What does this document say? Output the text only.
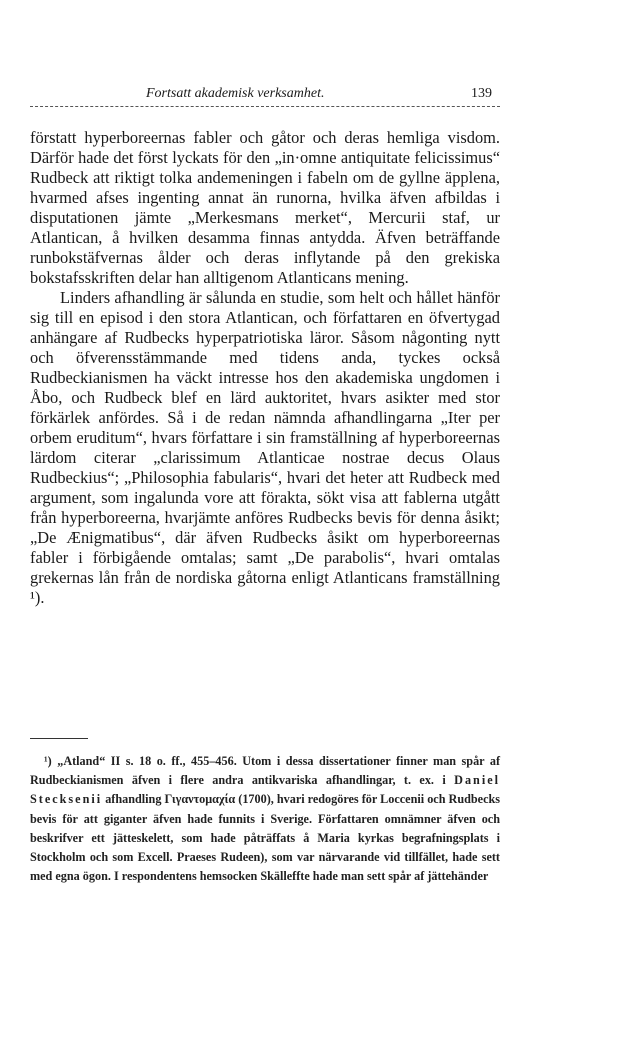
Fortsatt akademisk verksamhet.	139

förstatt hyperboreernas fabler och gåtor och deras hemliga visdom. Därför hade det först lyckats för den „in·omne antiquitate felicissimus“ Rudbeck att riktigt tolka andemeningen i fabeln om de gyllne äpplena, hvarmed afses ingenting annat än runorna, hvilka äfven afbildas i disputationen jämte „Merkesmans merket“, Mercurii staf, ur Atlantican, å hvilken desamma finnas antydda. Äfven beträffande runbokstäfvernas ålder och deras inflytande på den grekiska bokstafsskriften delar han alltigenom Atlanticans mening.

Linders afhandling är sålunda en studie, som helt och hållet hänför sig till en episod i den stora Atlantican, och författaren en öfvertygad anhängare af Rudbecks hyperpatriotiska läror. Såsom någonting nytt och öfverensstämmande med tidens anda, tyckes också Rudbeckianismen ha väckt intresse hos den akademiska ungdomen i Åbo, och Rudbeck blef en lärd auktoritet, hvars asikter med stor förkärlek anfördes. Så i de redan nämnda afhandlingarna „Iter per orbem eruditum“, hvars författare i sin framställning af hyperboreernas lärdom citerar „clarissimum Atlanticae nostrae decus Olaus Rudbeckius“; „Philosophia fabularis“, hvari det heter att Rudbeck med argument, som ingalunda vore att förakta, sökt visa att fablerna utgått från hyperboreerna, hvarjämte anföres Rudbecks bevis för denna åsikt; „De Ænigmatibus“, där äfven Rudbecks åsikt om hyperboreernas fabler i förbigående omtalas; samt „De parabolis“, hvari omtalas grekernas lån från de nordiska gåtorna enligt Atlanticans framställning ¹).

¹) „Atland“ II s. 18 o. ff., 455–456. Utom i dessa dissertationer finner man spår af Rudbeckianismen äfven i flere andra antikvariska afhandlingar, t. ex. i Daniel Stecksenii afhandling Γιγαντομαχία (1700), hvari redogöres för Loccenii och Rudbecks bevis för att giganter äfven hade funnits i Sverige. Författaren omnämner äfven och beskrifver ett jätteskelett, som hade påträffats å Maria kyrkas begrafningsplats i Stockholm och som Excell. Praeses Rudeen), som var närvarande vid tillfället, hade sett med egna ögon. I respondentens hemsocken Skälleffte hade man sett spår af jättehänder
